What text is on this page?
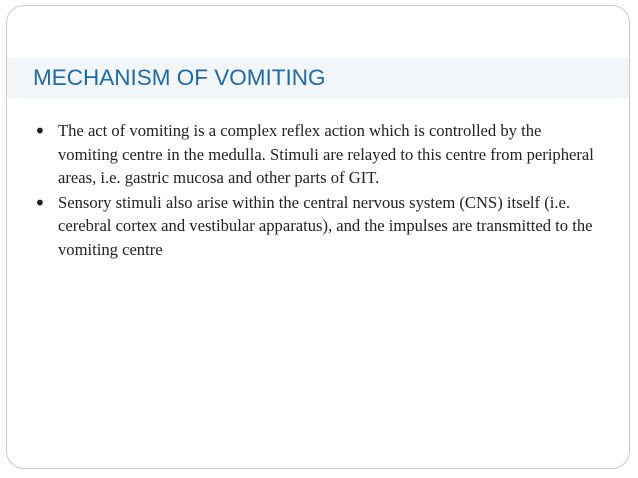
MECHANISM OF VOMITING
• The act of vomiting is a complex reflex action which is controlled by the vomiting centre in the medulla. Stimuli are relayed to this centre from peripheral areas, i.e. gastric mucosa and other parts of GIT.
• Sensory stimuli also arise within the central nervous system (CNS) itself (i.e. cerebral cortex and vestibular apparatus), and the impulses are transmitted to the vomiting centre
